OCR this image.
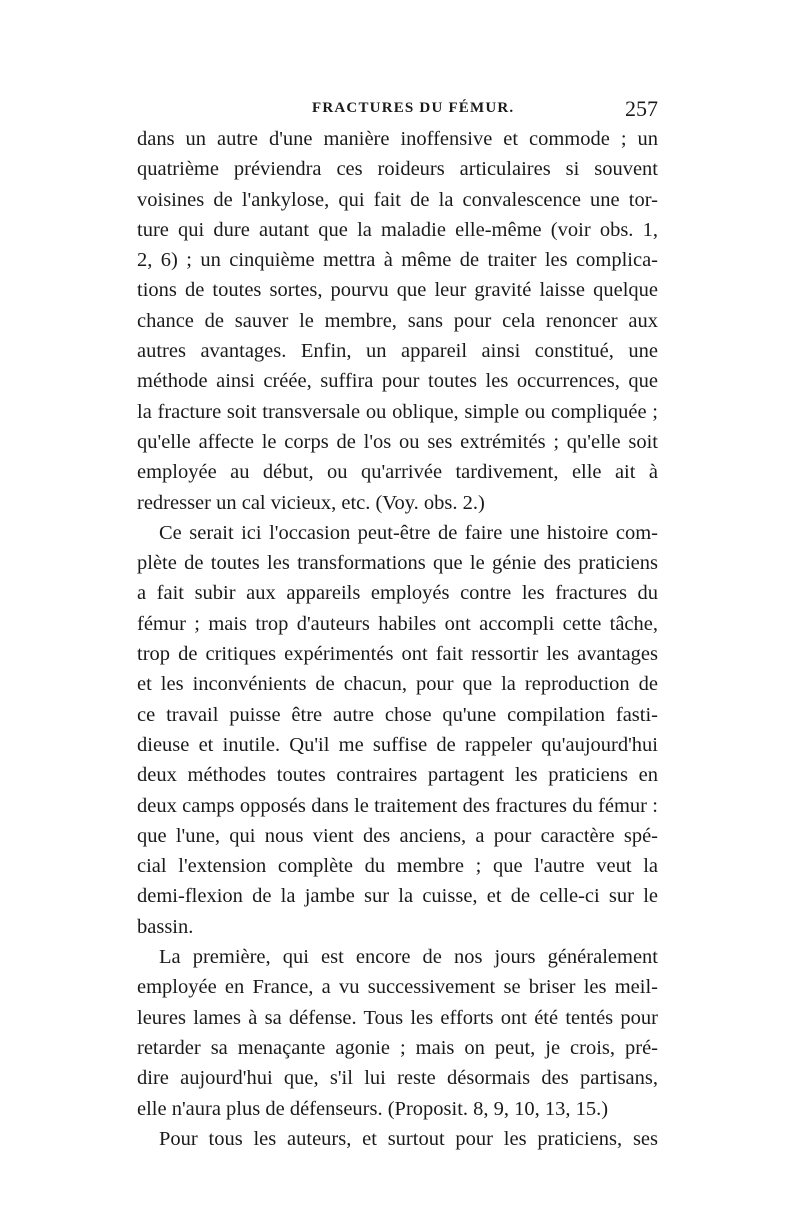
FRACTURES DU FÉMUR.	257
dans un autre d'une manière inoffensive et commode ; un
quatrième préviendra ces roideurs articulaires si souvent
voisines de l'ankylose, qui fait de la convalescence une tor-
ture qui dure autant que la maladie elle-même (voir obs. 1,
2, 6) ; un cinquième mettra à même de traiter les complica-
tions de toutes sortes, pourvu que leur gravité laisse quelque
chance de sauver le membre, sans pour cela renoncer aux
autres avantages. Enfin, un appareil ainsi constitué, une
méthode ainsi créée, suffira pour toutes les occurrences, que
la fracture soit transversale ou oblique, simple ou compliquée ;
qu'elle affecte le corps de l'os ou ses extrémités ; qu'elle soit
employée au début, ou qu'arrivée tardivement, elle ait à
redresser un cal vicieux, etc. (Voy. obs. 2.)
Ce serait ici l'occasion peut-être de faire une histoire com-
plète de toutes les transformations que le génie des praticiens
a fait subir aux appareils employés contre les fractures du
fémur ; mais trop d'auteurs habiles ont accompli cette tâche,
trop de critiques expérimentés ont fait ressortir les avantages
et les inconvénients de chacun, pour que la reproduction de
ce travail puisse être autre chose qu'une compilation fasti-
dieuse et inutile. Qu'il me suffise de rappeler qu'aujourd'hui
deux méthodes toutes contraires partagent les praticiens en
deux camps opposés dans le traitement des fractures du fémur :
que l'une, qui nous vient des anciens, a pour caractère spé-
cial l'extension complète du membre ; que l'autre veut la
demi-flexion de la jambe sur la cuisse, et de celle-ci sur le
bassin.
La première, qui est encore de nos jours généralement
employée en France, a vu successivement se briser les meil-
leures lames à sa défense. Tous les efforts ont été tentés pour
retarder sa menaçante agonie ; mais on peut, je crois, pré-
dire aujourd'hui que, s'il lui reste désormais des partisans,
elle n'aura plus de défenseurs. (Proposit. 8, 9, 10, 13, 15.)
Pour tous les auteurs, et surtout pour les praticiens, ses
